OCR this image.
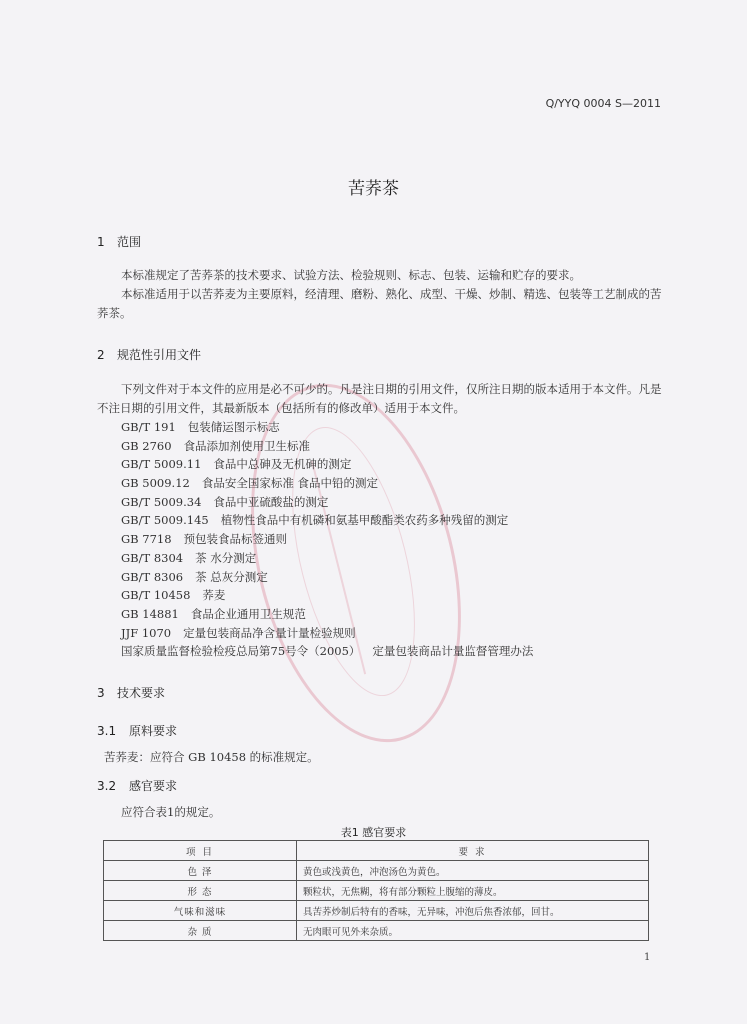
Q/YYQ 0004 S—2011
苦荞茶
1 范围
本标准规定了苦荞茶的技术要求、试验方法、检验规则、标志、包装、运输和贮存的要求。
本标准适用于以苦荞麦为主要原料，经清理、磨粉、熟化、成型、干燥、炒制、精选、包装等工艺制成的苦荞茶。
2 规范性引用文件
下列文件对于本文件的应用是必不可少的。凡是注日期的引用文件，仅所注日期的版本适用于本文件。凡是不注日期的引用文件，其最新版本（包括所有的修改单）适用于本文件。
GB/T 191 包装储运图示标志
GB 2760 食品添加剂使用卫生标准
GB/T 5009.11 食品中总砷及无机砷的测定
GB 5009.12 食品安全国家标准 食品中铅的测定
GB/T 5009.34 食品中亚硫酸盐的测定
GB/T 5009.145 植物性食品中有机磷和氨基甲酸酯类农药多种残留的测定
GB 7718 预包装食品标签通则
GB/T 8304 茶 水分测定
GB/T 8306 茶 总灰分测定
GB/T 10458 荞麦
GB 14881 食品企业通用卫生规范
JJF 1070 定量包装商品净含量计量检验规则
国家质量监督检验检疫总局第75号令（2005） 定量包装商品计量监督管理办法
3 技术要求
3.1 原料要求
苦荞麦：应符合 GB 10458 的标准规定。
3.2 感官要求
应符合表1的规定。
表1 感官要求
项 目	要 求
色 泽	黄色或浅黄色，冲泡汤色为黄色。
形 态	颗粒状，无焦糊，将有部分颗粒上腹缩的薄皮。
气味和滋味	具苦荞炒制后特有的香味，无异味，冲泡后焦香浓郁，回甘。
杂 质	无肉眼可见外来杂质。
1
